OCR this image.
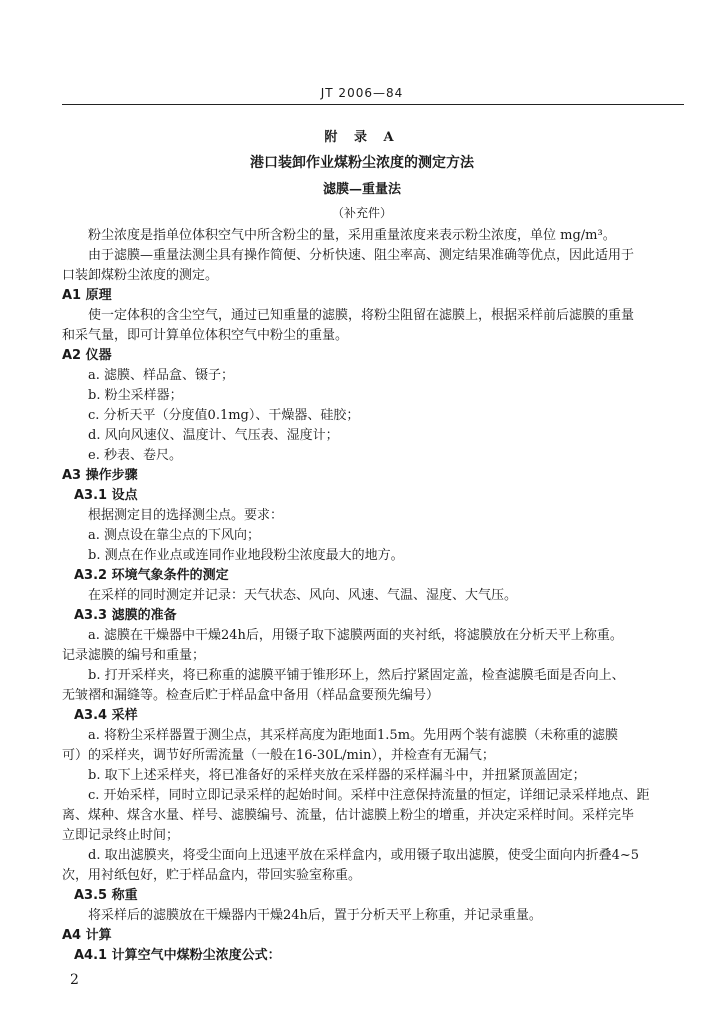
JT 2006—84
附 录 A
港口装卸作业煤粉尘浓度的测定方法
滤膜—重量法
（补充件）
粉尘浓度是指单位体积空气中所含粉尘的量，采用重量浓度来表示粉尘浓度，单位 mg/m³。
由于滤膜—重量法测尘具有操作简便、分析快速、阻尘率高、测定结果准确等优点，因此适用于
口装卸煤粉尘浓度的测定。
A1 原理
使一定体积的含尘空气，通过已知重量的滤膜，将粉尘阻留在滤膜上，根据采样前后滤膜的重量
和采气量，即可计算单位体积空气中粉尘的重量。
A2 仪器
a. 滤膜、样品盒、镊子；
b. 粉尘采样器；
c. 分析天平（分度值0.1mg）、干燥器、硅胶；
d. 风向风速仪、温度计、气压表、湿度计；
e. 秒表、卷尺。
A3 操作步骤
A3.1 设点
根据测定目的选择测尘点。要求：
a. 测点设在靠尘点的下风向；
b. 测点在作业点或连同作业地段粉尘浓度最大的地方。
A3.2 环境气象条件的测定
在采样的同时测定并记录：天气状态、风向、风速、气温、湿度、大气压。
A3.3 滤膜的准备
a. 滤膜在干燥器中干燥24h后，用镊子取下滤膜两面的夹衬纸，将滤膜放在分析天平上称重。
记录滤膜的编号和重量；
b. 打开采样夹，将已称重的滤膜平铺于锥形环上，然后拧紧固定盖，检查滤膜毛面是否向上、
无皱褶和漏缝等。检查后贮于样品盒中备用（样品盒要预先编号）
A3.4 采样
a. 将粉尘采样器置于测尘点，其采样高度为距地面1.5m。先用两个装有滤膜（未称重的滤膜
可）的采样夹，调节好所需流量（一般在16-30L/min），并检查有无漏气；
b. 取下上述采样夹，将已准备好的采样夹放在采样器的采样漏斗中，并扭紧顶盖固定；
c. 开始采样，同时立即记录采样的起始时间。采样中注意保持流量的恒定，详细记录采样地点、距
离、煤种、煤含水量、样号、滤膜编号、流量，估计滤膜上粉尘的增重，并决定采样时间。采样完毕
立即记录终止时间；
d. 取出滤膜夹，将受尘面向上迅速平放在采样盒内，或用镊子取出滤膜，使受尘面向内折叠4~5
次，用衬纸包好，贮于样品盒内，带回实验室称重。
A3.5 称重
将采样后的滤膜放在干燥器内干燥24h后，置于分析天平上称重，并记录重量。
A4 计算
A4.1 计算空气中煤粉尘浓度公式：
2
